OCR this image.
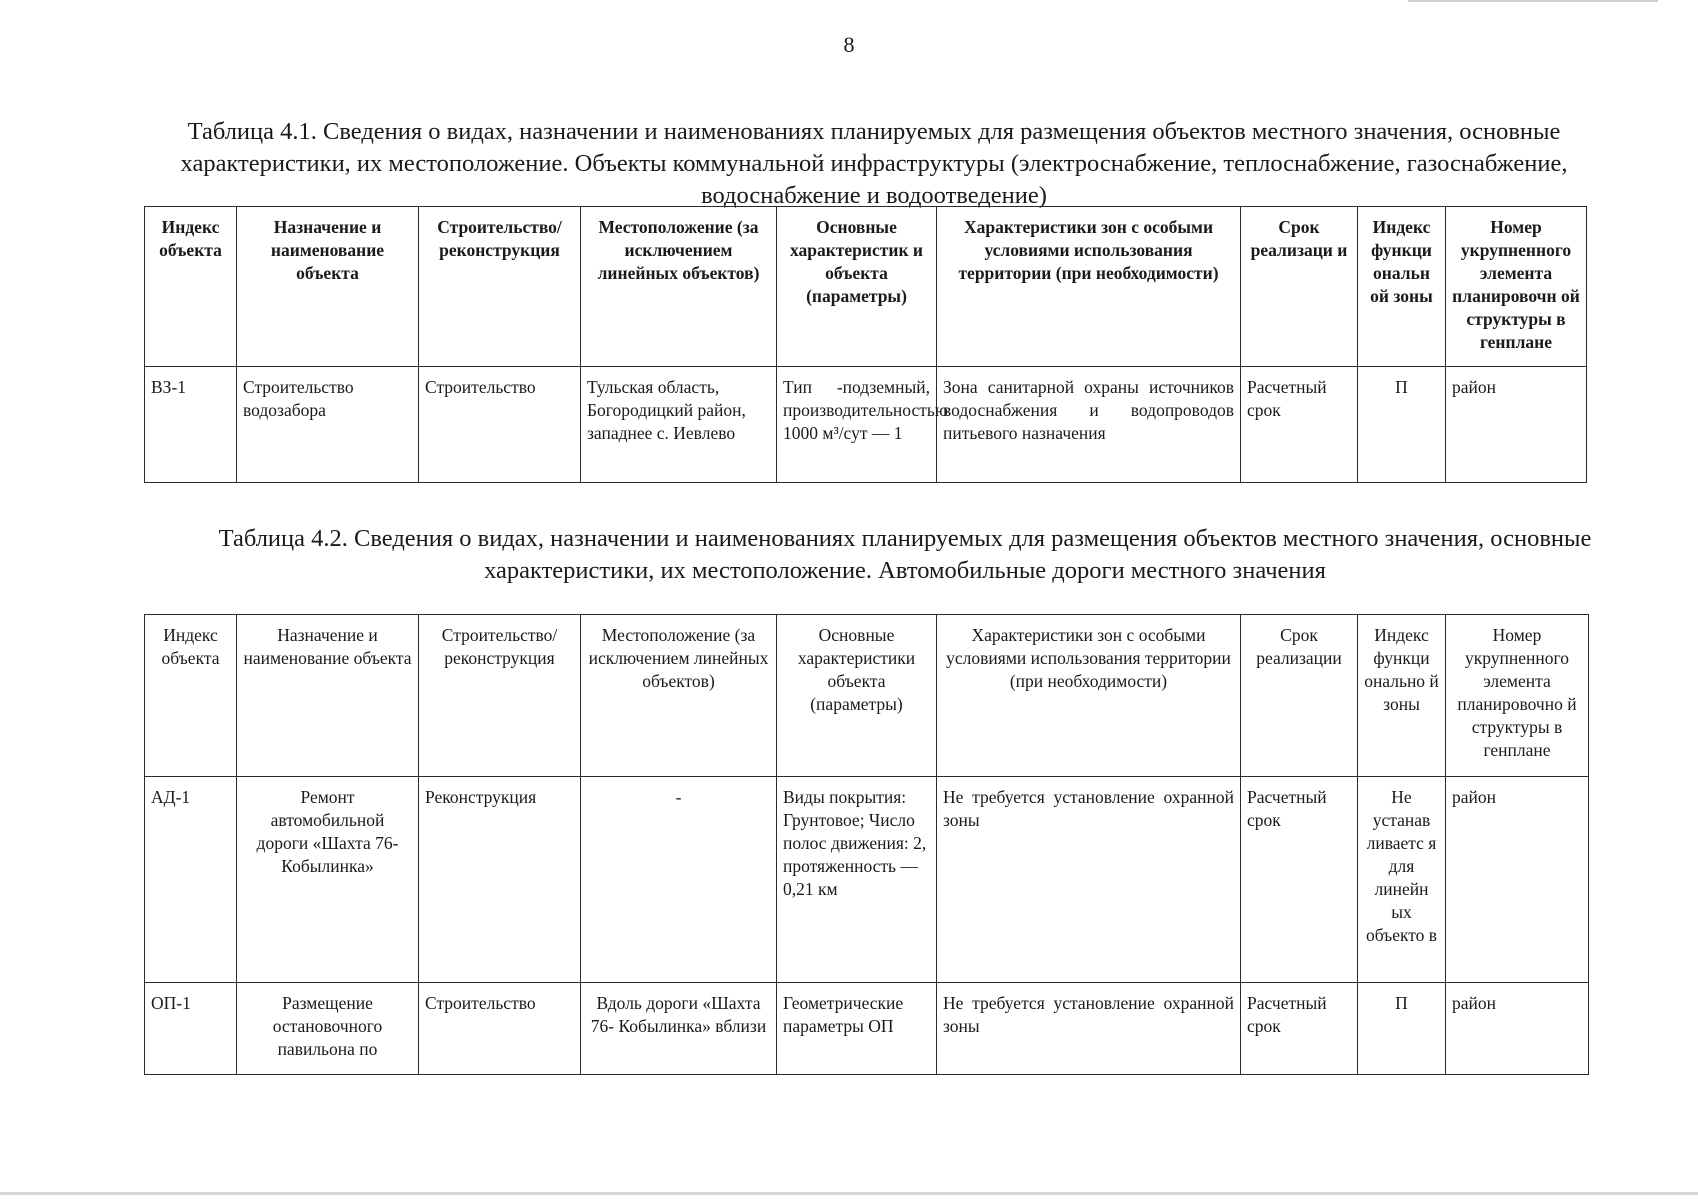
8
Таблица 4.1. Сведения о видах, назначении и наименованиях планируемых для размещения объектов местного значения, основные характеристики, их местоположение. Объекты коммунальной инфраструктуры (электроснабжение, теплоснабжение, газоснабжение, водоснабжение и водоотведение)
Индекс объекта	Назначение и наименование объекта	Строительство/ реконструкция	Местоположение (за исключением линейных объектов)	Основные характеристик и объекта (параметры)	Характеристики зон с особыми условиями использования территории (при необходимости)	Срок реализаци и	Индекс функци ональн ой зоны	Номер укрупненного элемента планировочн ой структуры в генплане
ВЗ-1	Строительство водозабора	Строительство	Тульская область, Богородицкий район, западнее с. Иевлево	Тип -подземный, производительностью 1000 м³/сут — 1	Зона санитарной охраны источников водоснабжения и водопроводов питьевого назначения	Расчетный срок	П	район
Таблица 4.2. Сведения о видах, назначении и наименованиях планируемых для размещения объектов местного значения, основные характеристики, их местоположение. Автомобильные дороги местного значения
Индекс объекта	Назначение и наименование объекта	Строительство/ реконструкция	Местоположение (за исключением линейных объектов)	Основные характеристики объекта (параметры)	Характеристики зон с особыми условиями использования территории (при необходимости)	Срок реализации	Индекс функци онально й зоны	Номер укрупненного элемента планировочно й структуры в генплане
АД-1	Ремонт автомобильной дороги «Шахта 76- Кобылинка»	Реконструкция	-	Виды покрытия: Грунтовое; Число полос движения: 2, протяженность — 0,21 км	Не требуется установление охранной зоны	Расчетный срок	Не устанав ливаетс я для линейн ых объекто в	район
ОП-1	Размещение остановочного павильона по	Строительство	Вдоль дороги «Шахта 76- Кобылинка» вблизи	Геометрические параметры ОП	Не требуется установление охранной зоны	Расчетный срок	П	район
